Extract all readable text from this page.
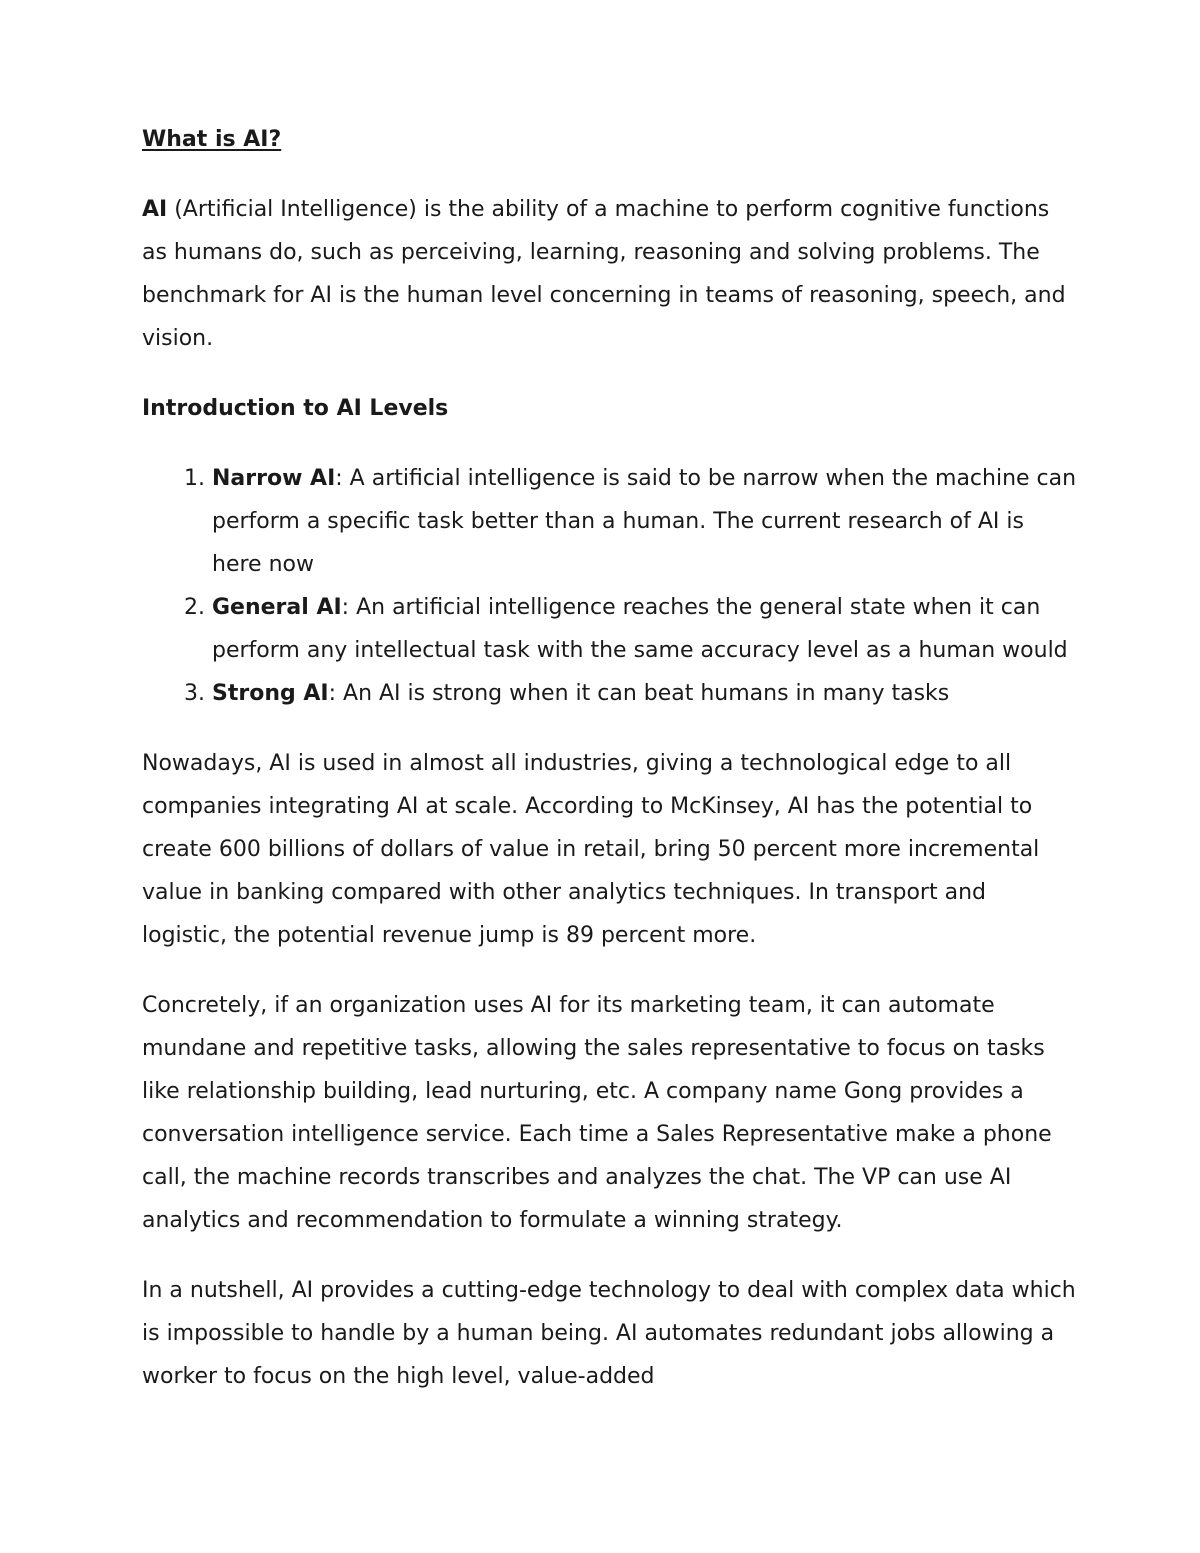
What is AI?

AI (Artificial Intelligence) is the ability of a machine to perform cognitive functions as humans do, such as perceiving, learning, reasoning and solving problems. The benchmark for AI is the human level concerning in teams of reasoning, speech, and vision.

Introduction to AI Levels
1. Narrow AI: A artificial intelligence is said to be narrow when the machine can perform a specific task better than a human. The current research of AI is here now
2. General AI: An artificial intelligence reaches the general state when it can perform any intellectual task with the same accuracy level as a human would
3. Strong AI: An AI is strong when it can beat humans in many tasks

Nowadays, AI is used in almost all industries, giving a technological edge to all companies integrating AI at scale. According to McKinsey, AI has the potential to create 600 billions of dollars of value in retail, bring 50 percent more incremental value in banking compared with other analytics techniques. In transport and logistic, the potential revenue jump is 89 percent more.

Concretely, if an organization uses AI for its marketing team, it can automate mundane and repetitive tasks, allowing the sales representative to focus on tasks like relationship building, lead nurturing, etc. A company name Gong provides a conversation intelligence service. Each time a Sales Representative make a phone call, the machine records transcribes and analyzes the chat. The VP can use AI analytics and recommendation to formulate a winning strategy.

In a nutshell, AI provides a cutting-edge technology to deal with complex data which is impossible to handle by a human being. AI automates redundant jobs allowing a worker to focus on the high level, value-added
